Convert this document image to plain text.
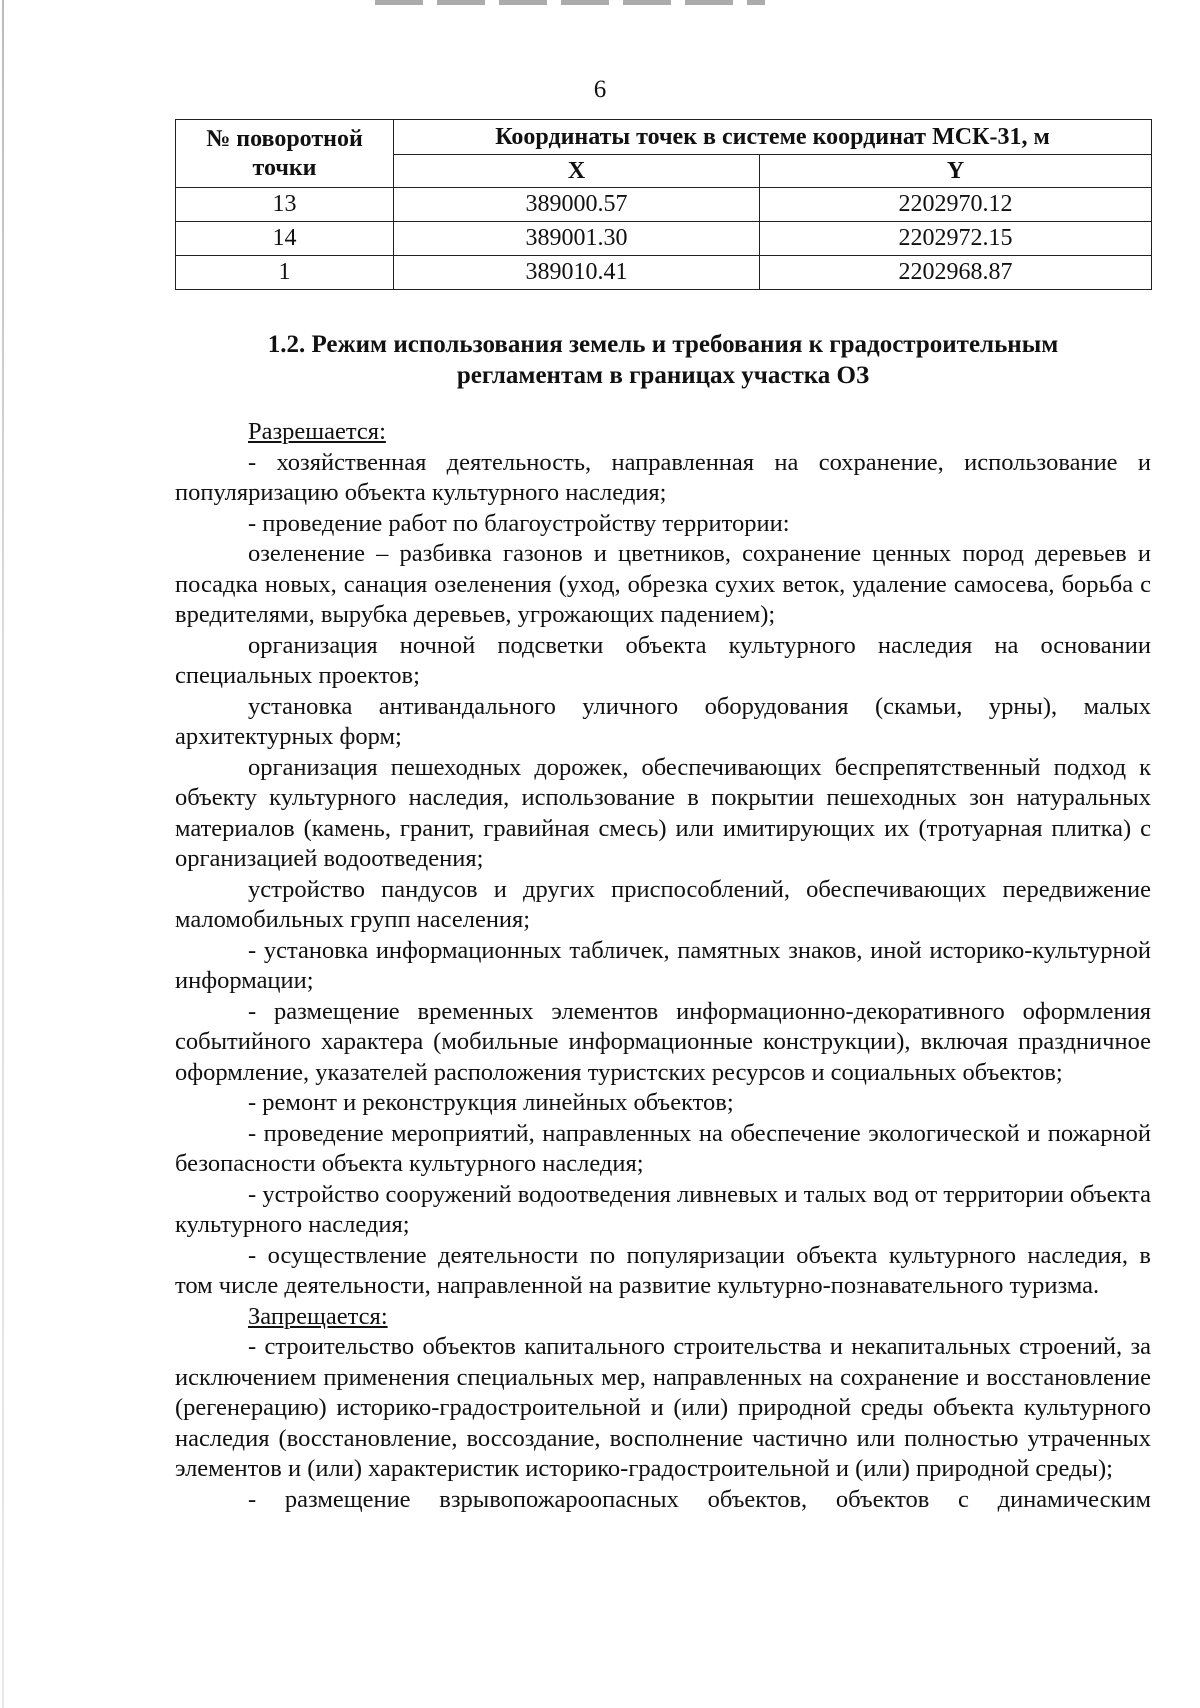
6
№ поворотной точки	Координаты точек в системе координат МСК-31, м	
	X	Y
13	389000.57	2202970.12
14	389001.30	2202972.15
1	389010.41	2202968.87
1.2. Режим использования земель и требования к градостроительным
регламентам в границах участка ОЗ

Разрешается:

- хозяйственная деятельность, направленная на сохранение, использование и популяризацию объекта культурного наследия;

- проведение работ по благоустройству территории:

озеленение – разбивка газонов и цветников, сохранение ценных пород деревьев и посадка новых, санация озеленения (уход, обрезка сухих веток, удаление самосева, борьба с вредителями, вырубка деревьев, угрожающих падением);

организация ночной подсветки объекта культурного наследия на основании специальных проектов;

установка антивандального уличного оборудования (скамьи, урны), малых архитектурных форм;

организация пешеходных дорожек, обеспечивающих беспрепятственный подход к объекту культурного наследия, использование в покрытии пешеходных зон натуральных материалов (камень, гранит, гравийная смесь) или имитирующих их (тротуарная плитка) с организацией водоотведения;

устройство пандусов и других приспособлений, обеспечивающих передвижение маломобильных групп населения;

- установка информационных табличек, памятных знаков, иной историко-культурной информации;

- размещение временных элементов информационно-декоративного оформления событийного характера (мобильные информационные конструкции), включая праздничное оформление, указателей расположения туристских ресурсов и социальных объектов;

- ремонт и реконструкция линейных объектов;

- проведение мероприятий, направленных на обеспечение экологической и пожарной безопасности объекта культурного наследия;

- устройство сооружений водоотведения ливневых и талых вод от территории объекта культурного наследия;

- осуществление деятельности по популяризации объекта культурного наследия, в том числе деятельности, направленной на развитие культурно-познавательного туризма.

Запрещается:

- строительство объектов капитального строительства и некапитальных строений, за исключением применения специальных мер, направленных на сохранение и восстановление (регенерацию) историко-градостроительной и (или) природной среды объекта культурного наследия (восстановление, воссоздание, восполнение частично или полностью утраченных элементов и (или) характеристик историко-градостроительной и (или) природной среды);

- размещение взрывопожароопасных объектов, объектов с динамическим
